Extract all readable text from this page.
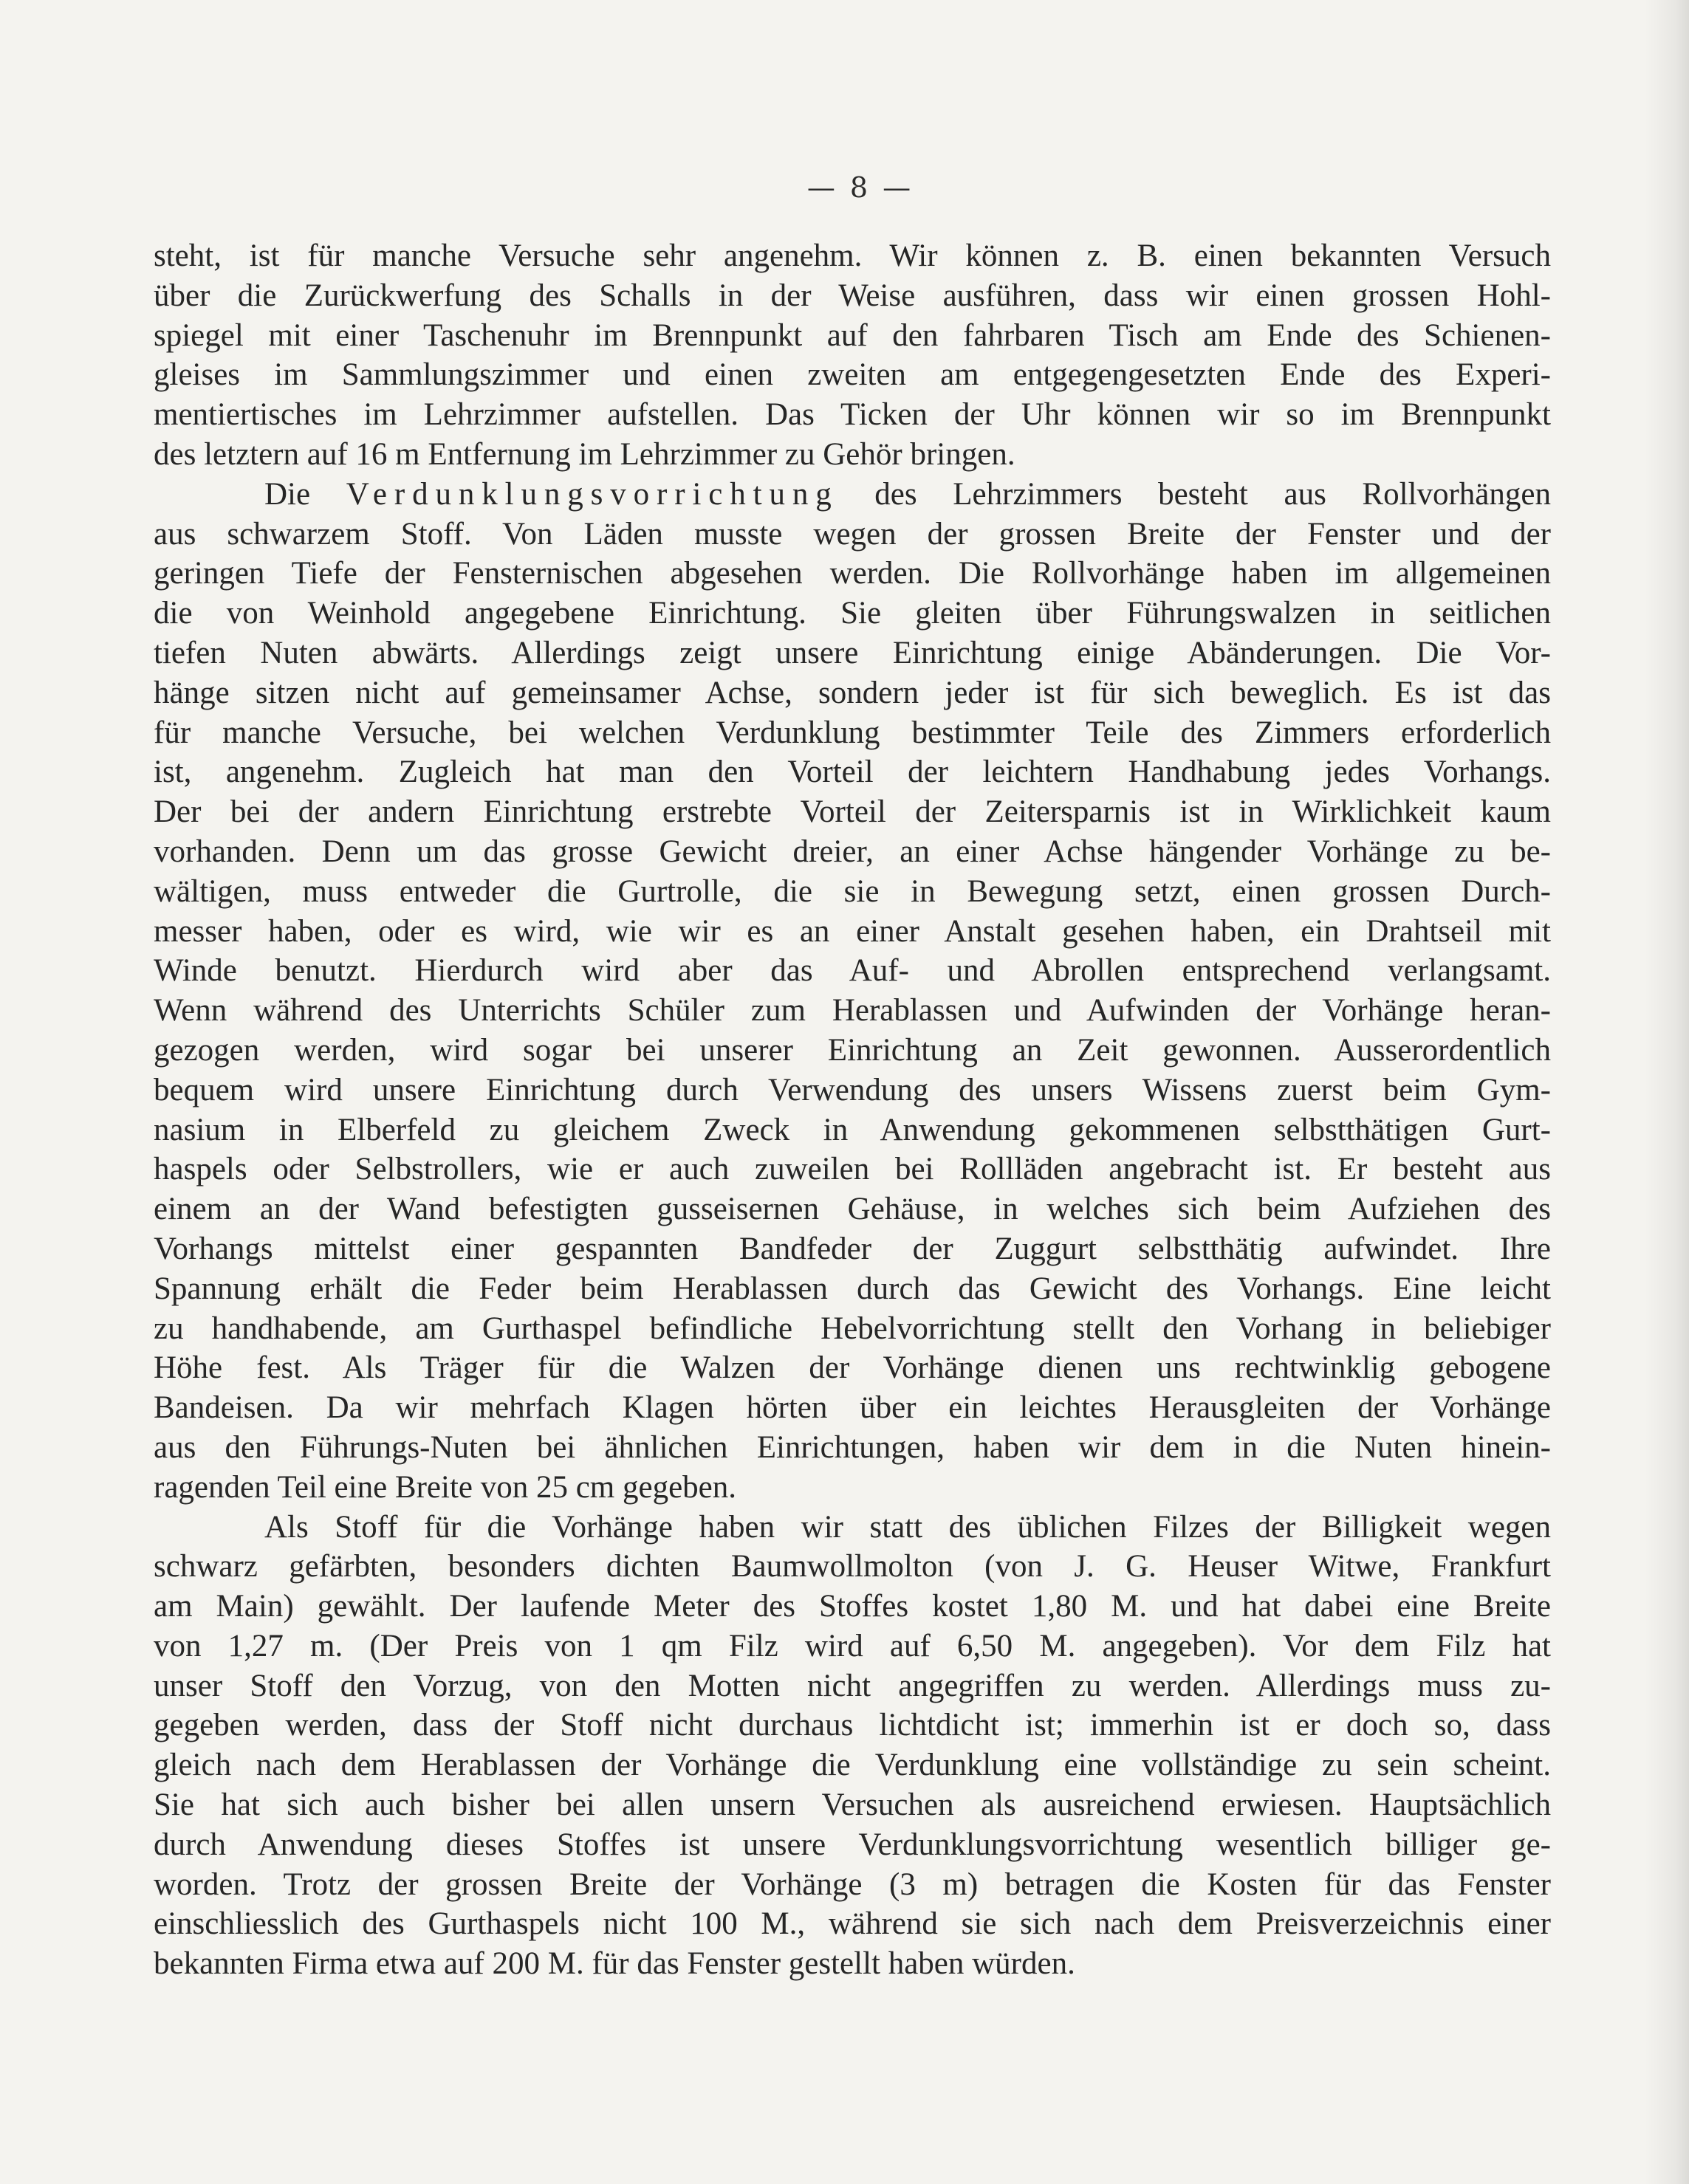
— 8 —
steht, ist für manche Versuche sehr angenehm. Wir können z. B. einen bekannten Versuch
über die Zurückwerfung des Schalls in der Weise ausführen, dass wir einen grossen Hohl-
spiegel mit einer Taschenuhr im Brennpunkt auf den fahrbaren Tisch am Ende des Schienen-
gleises im Sammlungszimmer und einen zweiten am entgegengesetzten Ende des Experi-
mentiertisches im Lehrzimmer aufstellen. Das Ticken der Uhr können wir so im Brennpunkt
des letztern auf 16 m Entfernung im Lehrzimmer zu Gehör bringen.
Die Verdunklungsvorrichtung des Lehrzimmers besteht aus Rollvorhängen
aus schwarzem Stoff. Von Läden musste wegen der grossen Breite der Fenster und der
geringen Tiefe der Fensternischen abgesehen werden. Die Rollvorhänge haben im allgemeinen
die von Weinhold angegebene Einrichtung. Sie gleiten über Führungswalzen in seitlichen
tiefen Nuten abwärts. Allerdings zeigt unsere Einrichtung einige Abänderungen. Die Vor-
hänge sitzen nicht auf gemeinsamer Achse, sondern jeder ist für sich beweglich. Es ist das
für manche Versuche, bei welchen Verdunklung bestimmter Teile des Zimmers erforderlich
ist, angenehm. Zugleich hat man den Vorteil der leichtern Handhabung jedes Vorhangs.
Der bei der andern Einrichtung erstrebte Vorteil der Zeitersparnis ist in Wirklichkeit kaum
vorhanden. Denn um das grosse Gewicht dreier, an einer Achse hängender Vorhänge zu be-
wältigen, muss entweder die Gurtrolle, die sie in Bewegung setzt, einen grossen Durch-
messer haben, oder es wird, wie wir es an einer Anstalt gesehen haben, ein Drahtseil mit
Winde benutzt. Hierdurch wird aber das Auf- und Abrollen entsprechend verlangsamt.
Wenn während des Unterrichts Schüler zum Herablassen und Aufwinden der Vorhänge heran-
gezogen werden, wird sogar bei unserer Einrichtung an Zeit gewonnen. Ausserordentlich
bequem wird unsere Einrichtung durch Verwendung des unsers Wissens zuerst beim Gym-
nasium in Elberfeld zu gleichem Zweck in Anwendung gekommenen selbstthätigen Gurt-
haspels oder Selbstrollers, wie er auch zuweilen bei Rollläden angebracht ist. Er besteht aus
einem an der Wand befestigten gusseisernen Gehäuse, in welches sich beim Aufziehen des
Vorhangs mittelst einer gespannten Bandfeder der Zuggurt selbstthätig aufwindet. Ihre
Spannung erhält die Feder beim Herablassen durch das Gewicht des Vorhangs. Eine leicht
zu handhabende, am Gurthaspel befindliche Hebelvorrichtung stellt den Vorhang in beliebiger
Höhe fest. Als Träger für die Walzen der Vorhänge dienen uns rechtwinklig gebogene
Bandeisen. Da wir mehrfach Klagen hörten über ein leichtes Herausgleiten der Vorhänge
aus den Führungs-Nuten bei ähnlichen Einrichtungen, haben wir dem in die Nuten hinein-
ragenden Teil eine Breite von 25 cm gegeben.
Als Stoff für die Vorhänge haben wir statt des üblichen Filzes der Billigkeit wegen
schwarz gefärbten, besonders dichten Baumwollmolton (von J. G. Heuser Witwe, Frankfurt
am Main) gewählt. Der laufende Meter des Stoffes kostet 1,80 M. und hat dabei eine Breite
von 1,27 m. (Der Preis von 1 qm Filz wird auf 6,50 M. angegeben). Vor dem Filz hat
unser Stoff den Vorzug, von den Motten nicht angegriffen zu werden. Allerdings muss zu-
gegeben werden, dass der Stoff nicht durchaus lichtdicht ist; immerhin ist er doch so, dass
gleich nach dem Herablassen der Vorhänge die Verdunklung eine vollständige zu sein scheint.
Sie hat sich auch bisher bei allen unsern Versuchen als ausreichend erwiesen. Hauptsächlich
durch Anwendung dieses Stoffes ist unsere Verdunklungsvorrichtung wesentlich billiger ge-
worden. Trotz der grossen Breite der Vorhänge (3 m) betragen die Kosten für das Fenster
einschliesslich des Gurthaspels nicht 100 M., während sie sich nach dem Preisverzeichnis einer
bekannten Firma etwa auf 200 M. für das Fenster gestellt haben würden.
